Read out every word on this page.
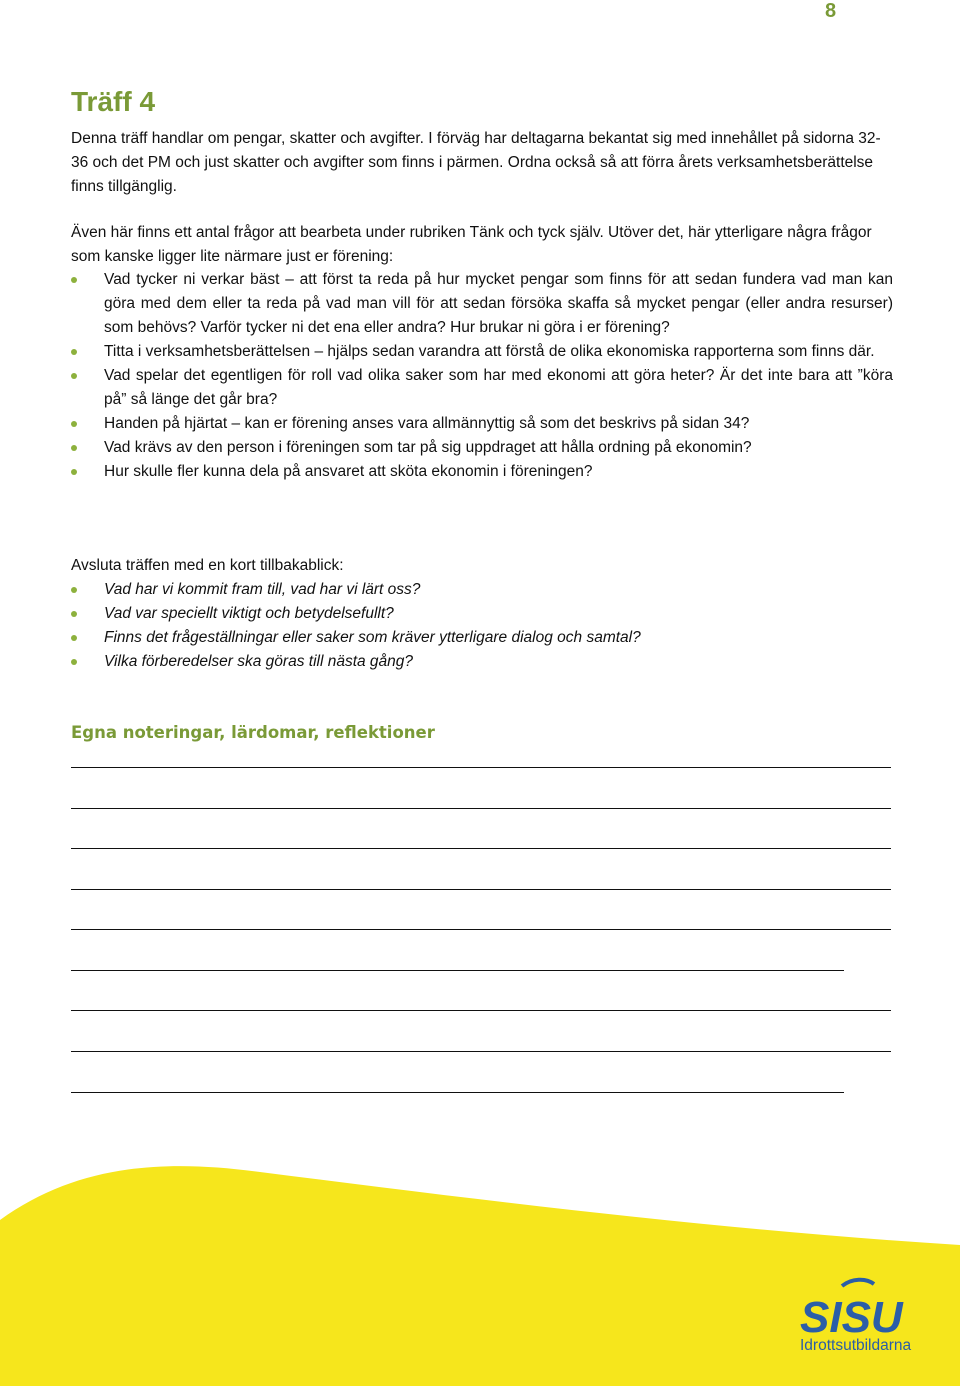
8
Träff 4

Denna träff handlar om pengar, skatter och avgifter. I förväg har deltagarna bekantat sig med innehållet på sidorna 32-36 och det PM och just skatter och avgifter som finns i pärmen. Ordna också så att förra årets verksamhetsberättelse finns tillgänglig.

Även här finns ett antal frågor att bearbeta under rubriken Tänk och tyck själv. Utöver det, här ytterligare några frågor som kanske ligger lite närmare just er förening:

Vad tycker ni verkar bäst – att först ta reda på hur mycket pengar som finns för att sedan fundera vad man kan göra med dem eller ta reda på vad man vill för att sedan försöka skaffa så mycket pengar (eller andra resurser) som behövs? Varför tycker ni det ena eller andra? Hur brukar ni göra i er förening?
Titta i verksamhetsberättelsen – hjälps sedan varandra att förstå de olika ekonomiska rapporterna som finns där.
Vad spelar det egentligen för roll vad olika saker som har med ekonomi att göra heter? Är det inte bara att ”köra på” så länge det går bra?
Handen på hjärtat – kan er förening anses vara allmännyttig så som det beskrivs på sidan 34?
Vad krävs av den person i föreningen som tar på sig uppdraget att hålla ordning på ekonomin?
Hur skulle fler kunna dela på ansvaret att sköta ekonomin i föreningen?

Avsluta träffen med en kort tillbakablick:

Vad har vi kommit fram till, vad har vi lärt oss?
Vad var speciellt viktigt och betydelsefullt?
Finns det frågeställningar eller saker som kräver ytterligare dialog och samtal?
Vilka förberedelser ska göras till nästa gång?
Egna noteringar, lärdomar, reflektioner
SISU
Idrottsutbildarna
